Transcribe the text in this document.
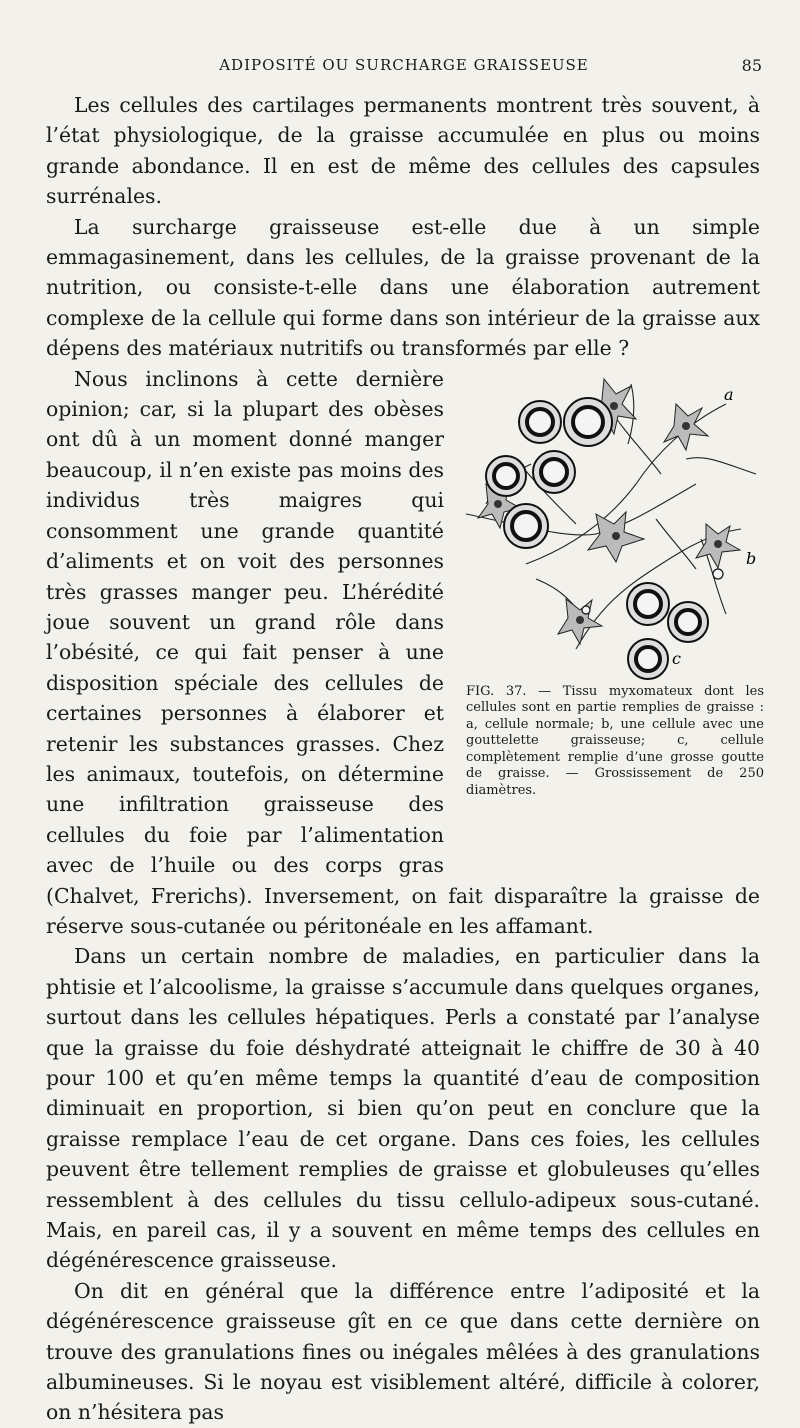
ADIPOSITÉ OU SURCHARGE GRAISSEUSE	85

Les cellules des cartilages permanents montrent très souvent, à l’état physiologique, de la graisse accumulée en plus ou moins grande abondance. Il en est de même des cellules des capsules surrénales.

La surcharge graisseuse est-elle due à un simple emmagasinement, dans les cellules, de la graisse provenant de la nutrition, ou consiste-t-elle dans une élaboration autrement complexe de la cellule qui forme dans son intérieur de la graisse aux dépens des matériaux nutritifs ou transformés par elle ?

a
b
c
FIG. 37. — Tissu myxomateux dont les cellules sont en partie remplies de graisse : a, cellule normale; b, une cellule avec une gouttelette graisseuse; c, cellule complètement remplie d’une grosse goutte de graisse. — Grossissement de 250 diamètres.

Nous inclinons à cette dernière opinion; car, si la plupart des obèses ont dû à un moment donné manger beaucoup, il n’en existe pas moins des individus très maigres qui consomment une grande quantité d’aliments et on voit des personnes très grasses manger peu. L’hérédité joue souvent un grand rôle dans l’obésité, ce qui fait penser à une disposition spéciale des cellules de certaines personnes à élaborer et retenir les substances grasses. Chez les animaux, toutefois, on détermine une infiltration graisseuse des cellules du foie par l’alimentation avec de l’huile ou des corps gras (Chalvet, Frerichs). Inversement, on fait disparaître la graisse de réserve sous-cutanée ou péritonéale en les affamant.

Dans un certain nombre de maladies, en particulier dans la phtisie et l’alcoolisme, la graisse s’accumule dans quelques organes, surtout dans les cellules hépatiques. Perls a constaté par l’analyse que la graisse du foie déshydraté atteignait le chiffre de 30 à 40 pour 100 et qu’en même temps la quantité d’eau de composition diminuait en proportion, si bien qu’on peut en conclure que la graisse remplace l’eau de cet organe. Dans ces foies, les cellules peuvent être tellement remplies de graisse et globuleuses qu’elles ressemblent à des cellules du tissu cellulo-adipeux sous-cutané. Mais, en pareil cas, il y a souvent en même temps des cellules en dégénérescence graisseuse.

On dit en général que la différence entre l’adiposité et la dégénérescence graisseuse gît en ce que dans cette dernière on trouve des granulations fines ou inégales mêlées à des granulations albumineuses. Si le noyau est visiblement altéré, difficile à colorer, on n’hésitera pas
